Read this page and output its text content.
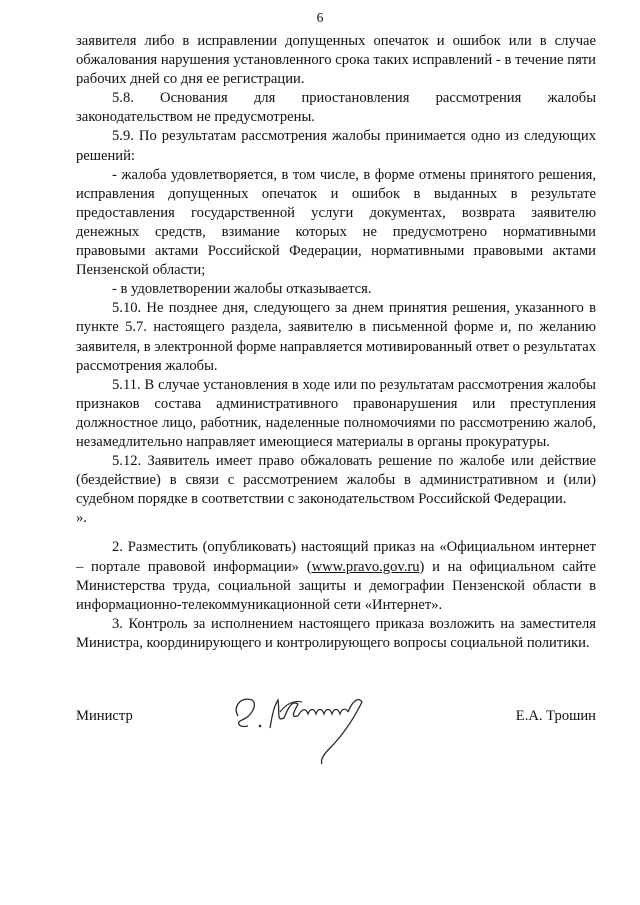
6

заявителя либо в исправлении допущенных опечаток и ошибок или в случае обжалования нарушения установленного срока таких исправлений - в течение пяти рабочих дней со дня ее регистрации.

5.8. Основания для приостановления рассмотрения жалобы законодательством не предусмотрены.

5.9. По результатам рассмотрения жалобы принимается одно из следующих решений:

- жалоба удовлетворяется, в том числе, в форме отмены принятого решения, исправления допущенных опечаток и ошибок в выданных в результате предоставления государственной услуги документах, возврата заявителю денежных средств, взимание которых не предусмотрено нормативными правовыми актами Российской Федерации, нормативными правовыми актами Пензенской области;

- в удовлетворении жалобы отказывается.

5.10. Не позднее дня, следующего за днем принятия решения, указанного в пункте 5.7. настоящего раздела, заявителю в письменной форме и, по желанию заявителя, в электронной форме направляется мотивированный ответ о результатах рассмотрения жалобы.

5.11. В случае установления в ходе или по результатам рассмотрения жалобы признаков состава административного правонарушения или преступления должностное лицо, работник, наделенные полномочиями по рассмотрению жалоб, незамедлительно направляет имеющиеся материалы в органы прокуратуры.

5.12. Заявитель имеет право обжаловать решение по жалобе или действие (бездействие) в связи с рассмотрением жалобы в административном и (или) судебном порядке в соответствии с законодательством Российской Федерации.

».

2. Разместить (опубликовать) настоящий приказ на «Официальном интернет – портале правовой информации» (www.pravo.gov.ru) и на официальном сайте Министерства труда, социальной защиты и демографии Пензенской области в информационно-телекоммуникационной сети «Интернет».

3. Контроль за исполнением настоящего приказа возложить на заместителя Министра, координирующего и контролирующего вопросы социальной политики.

Министр	Е.А. Трошин
